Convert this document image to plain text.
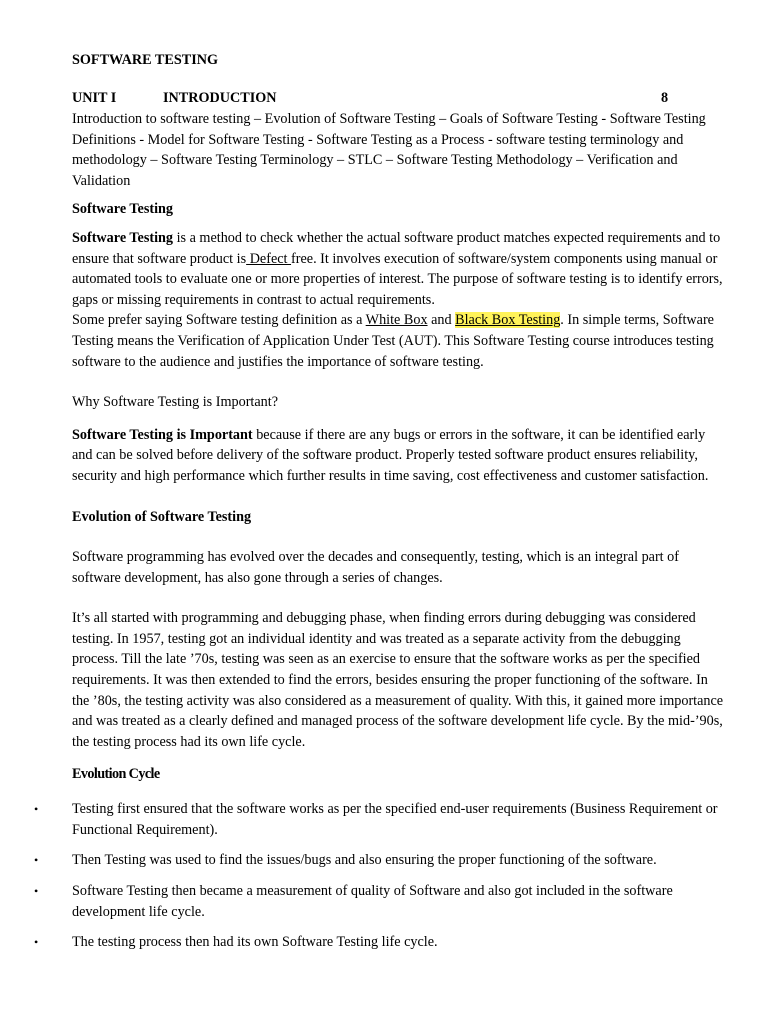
SOFTWARE TESTING
UNIT I	INTRODUCTION	8

Introduction to software testing – Evolution of Software Testing – Goals of Software Testing - Software Testing Definitions - Model for Software Testing - Software Testing as a Process - software testing terminology and methodology – Software Testing Terminology – STLC – Software Testing Methodology – Verification and Validation

Software Testing

Software Testing is a method to check whether the actual software product matches expected requirements and to ensure that software product is Defect free. It involves execution of software/system components using manual or automated tools to evaluate one or more properties of interest. The purpose of software testing is to identify errors, gaps or missing requirements in contrast to actual requirements.

Some prefer saying Software testing definition as a White Box and Black Box Testing. In simple terms, Software Testing means the Verification of Application Under Test (AUT). This Software Testing course introduces testing software to the audience and justifies the importance of software testing.

Why Software Testing is Important?

Software Testing is Important because if there are any bugs or errors in the software, it can be identified early and can be solved before delivery of the software product. Properly tested software product ensures reliability, security and high performance which further results in time saving, cost effectiveness and customer satisfaction.

Evolution of Software Testing

Software programming has evolved over the decades and consequently, testing, which is an integral part of software development, has also gone through a series of changes.

It’s all started with programming and debugging phase, when finding errors during debugging was considered testing. In 1957, testing got an individual identity and was treated as a separate activity from the debugging process. Till the late ’70s, testing was seen as an exercise to ensure that the software works as per the specified requirements. It was then extended to find the errors, besides ensuring the proper functioning of the software. In the ’80s, the testing activity was also considered as a measurement of quality. With this, it gained more importance and was treated as a clearly defined and managed process of the software development life cycle. By the mid-’90s, the testing process had its own life cycle.

Evolution Cycle

• Testing first ensured that the software works as per the specified end-user requirements (Business Requirement or Functional Requirement).
• Then Testing was used to find the issues/bugs and also ensuring the proper functioning of the software.
• Software Testing then became a measurement of quality of Software and also got included in the software development life cycle.
• The testing process then had its own Software Testing life cycle.
